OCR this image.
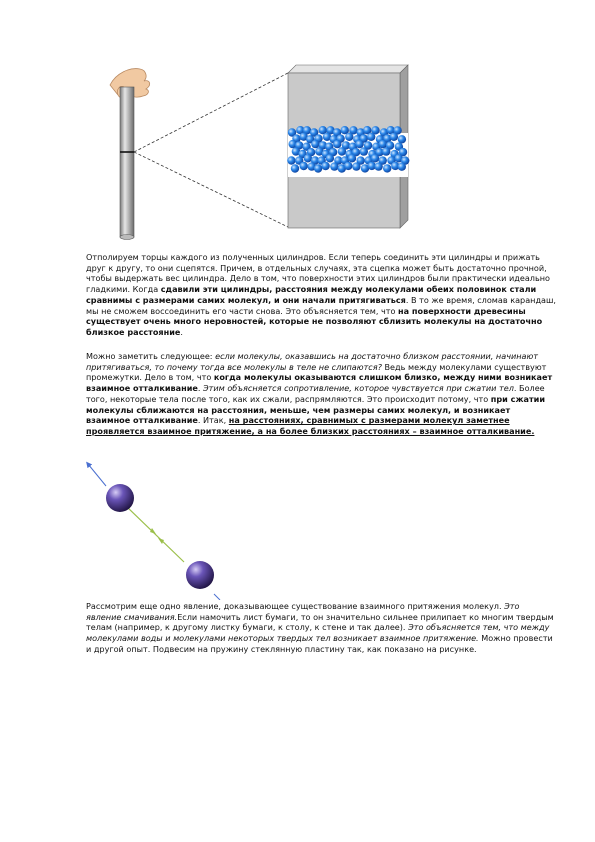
Отполируем торцы каждого из полученных цилиндров. Если теперь соединить эти цилиндры и прижать друг к другу, то они сцепятся. Причем, в отдельных случаях, эта сцепка может быть достаточно прочной, чтобы выдержать вес цилиндра. Дело в том, что поверхности этих цилиндров были практически идеально гладкими. Когда сдавили эти цилиндры, расстояния между молекулами обеих половинок стали сравнимы с размерами самих молекул, и они начали притягиваться. В то же время, сломав карандаш, мы не сможем воссоединить его части снова. Это объясняется тем, что на поверхности древесины существует очень много неровностей, которые не позволяют сблизить молекулы на достаточно близкое расстояние.

Можно заметить следующее: если молекулы, оказавшись на достаточно близком расстоянии, начинают притягиваться, то почему тогда все молекулы в теле не слипаются? Ведь между молекулами существуют промежутки. Дело в том, что когда молекулы оказываются слишком близко, между ними возникает взаимное отталкивание. Этим объясняется сопротивление, которое чувствуется при сжатии тел. Более того, некоторые тела после того, как их сжали, распрямляются. Это происходит потому, что при сжатии молекулы сближаются на расстояния, меньше, чем размеры самих молекул, и возникает взаимное отталкивание. Итак, на расстояниях, сравнимых с размерами молекул заметнее проявляется взаимное притяжение, а на более близких расстояниях – взаимное отталкивание.

Рассмотрим еще одно явление, доказывающее существование взаимного притяжения молекул. Это явление смачивания.Если намочить лист бумаги, то он значительно сильнее прилипает ко многим твердым телам (например, к другому листку бумаги, к столу, к стене и так далее). Это объясняется тем, что между молекулами воды и молекулами некоторых твердых тел возникает взаимное притяжение. Можно провести и другой опыт. Подвесим на пружину стеклянную пластину так, как показано на рисунке.
